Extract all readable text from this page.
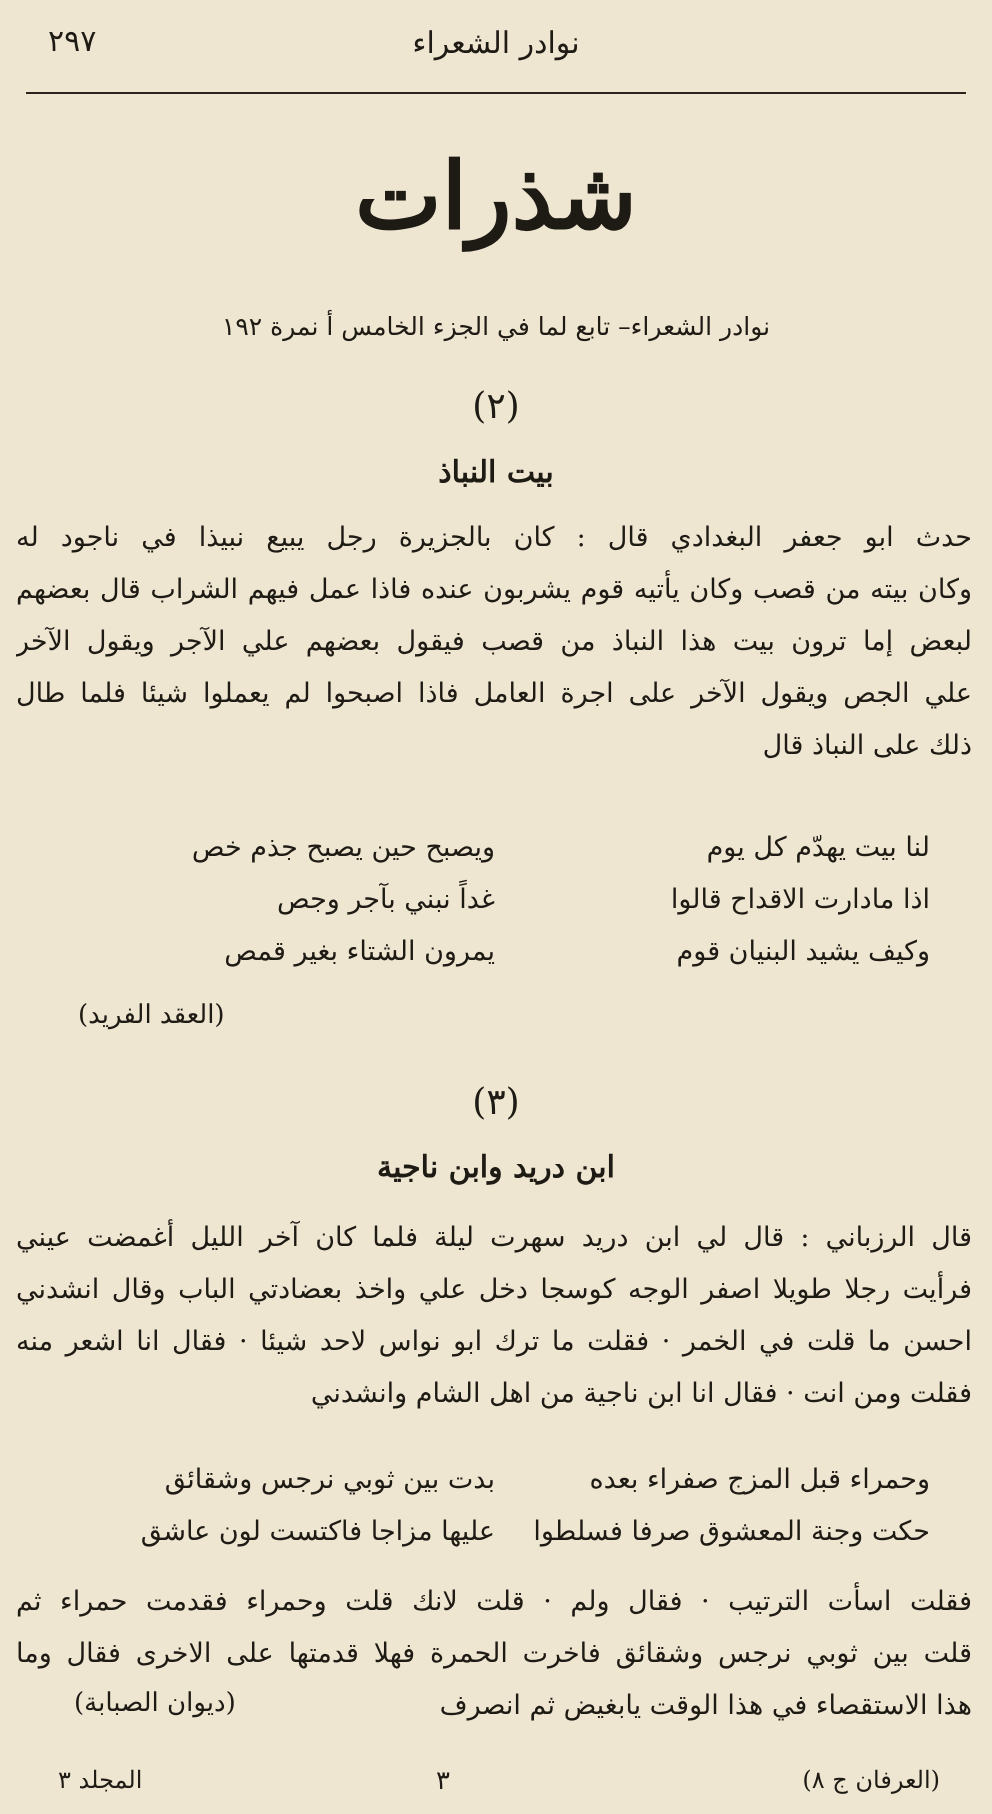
نوادر الشعراء
٢٩٧
شذرات
نوادر الشعراء– تابع لما في الجزء الخامس أ نمرة ١٩٢
(٢)
بيت النباذ
حدث ابو جعفر البغدادي قال : كان بالجزيرة رجل يبيع نبيذا في ناجود له
وكان بيته من قصب وكان يأتيه قوم يشربون عنده فاذا عمل فيهم الشراب قال بعضهم
لبعض إما ترون بيت هذا النباذ من قصب فيقول بعضهم علي الآجر ويقول الآخر
علي الجص ويقول الآخر على اجرة العامل فاذا اصبحوا لم يعملوا شيئا فلما طال
ذلك على النباذ قال
لنا بيت يهدّم كل يوم
ويصبح حين يصبح جذم خص
اذا مادارت الاقداح قالوا
غداً نبني بآجر وجص
وكيف يشيد البنيان قوم
يمرون الشتاء بغير قمص
(العقد الفريد)
(٣)
ابن دريد وابن ناجية
قال الرزباني : قال لي ابن دريد سهرت ليلة فلما كان آخر الليل أغمضت عيني
فرأيت رجلا طويلا اصفر الوجه كوسجا دخل علي واخذ بعضادتي الباب وقال انشدني
احسن ما قلت في الخمر · فقلت ما ترك ابو نواس لاحد شيئا · فقال انا اشعر منه
فقلت ومن انت · فقال انا ابن ناجية من اهل الشام وانشدني
وحمراء قبل المزج صفراء بعده
بدت بين ثوبي نرجس وشقائق
حكت وجنة المعشوق صرفا فسلطوا
عليها مزاجا فاكتست لون عاشق
فقلت اسأت الترتيب · فقال ولم · قلت لانك قلت وحمراء فقدمت حمراء ثم
قلت بين ثوبي نرجس وشقائق فاخرت الحمرة فهلا قدمتها على الاخرى فقال وما
هذا الاستقصاء في هذا الوقت يابغيض ثم انصرف
(ديوان الصبابة)
المجلد ٣	٣	(العرفان ج ٨)
